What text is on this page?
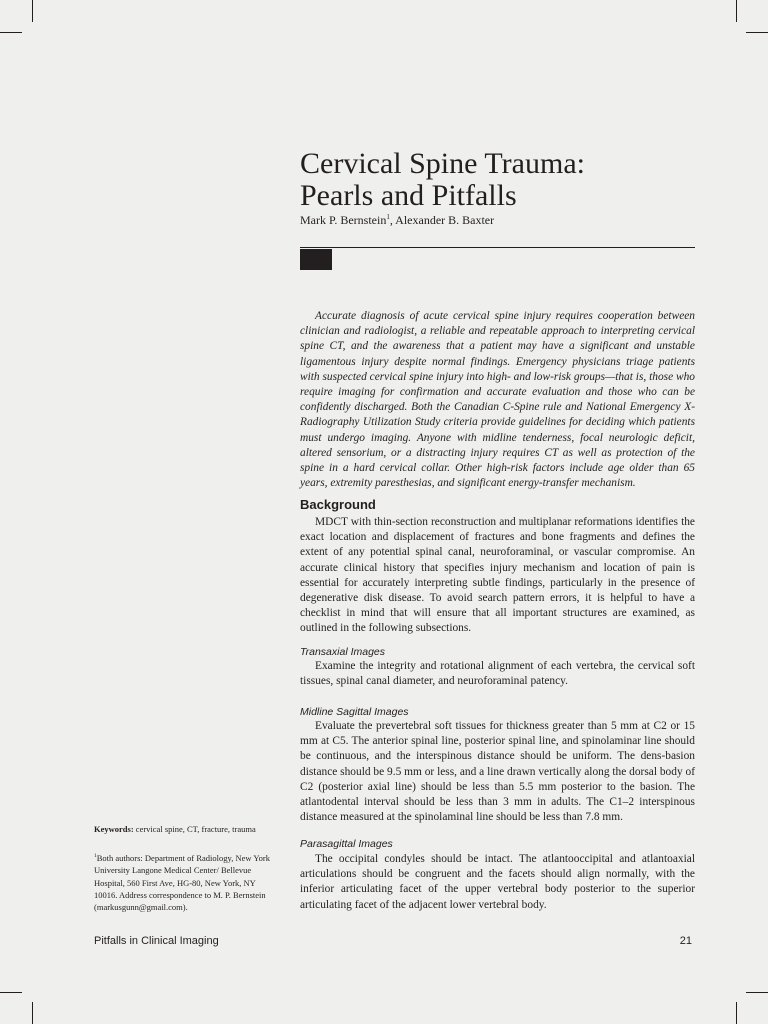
Cervical Spine Trauma:
Pearls and Pitfalls
Mark P. Bernstein$^1$, Alexander B. Baxter

Accurate diagnosis of acute cervical spine injury requires cooperation between clinician and radiologist, a reliable and repeatable approach to interpreting cervical spine CT, and the awareness that a patient may have a significant and unstable ligamentous injury despite normal findings. Emergency physicians triage patients with suspected cervical spine injury into high- and low-risk groups—that is, those who require imaging for confirmation and accurate evaluation and those who can be confidently discharged. Both the Canadian C-Spine rule and National Emergency X-Radiography Utilization Study criteria provide guidelines for deciding which patients must undergo imaging. Anyone with midline tenderness, focal neurologic deficit, altered sensorium, or a distracting injury requires CT as well as protection of the spine in a hard cervical collar. Other high-risk factors include age older than 65 years, extremity paresthesias, and significant energy-transfer mechanism.

Background

MDCT with thin-section reconstruction and multiplanar reformations identifies the exact location and displacement of fractures and bone fragments and defines the extent of any potential spinal canal, neuroforaminal, or vascular compromise. An accurate clinical history that specifies injury mechanism and location of pain is essential for accurately interpreting subtle findings, particularly in the presence of degenerative disk disease. To avoid search pattern errors, it is helpful to have a checklist in mind that will ensure that all important structures are examined, as outlined in the following subsections.

Transaxial Images

Examine the integrity and rotational alignment of each vertebra, the cervical soft tissues, spinal canal diameter, and neuroforaminal patency.

Midline Sagittal Images

Evaluate the prevertebral soft tissues for thickness greater than 5 mm at C2 or 15 mm at C5. The anterior spinal line, posterior spinal line, and spinolaminar line should be continuous, and the interspinous distance should be uniform. The dens-basion distance should be 9.5 mm or less, and a line drawn vertically along the dorsal body of C2 (posterior axial line) should be less than 5.5 mm posterior to the basion. The atlantodental interval should be less than 3 mm in adults. The C1–2 interspinous distance measured at the spinolaminal line should be less than 7.8 mm.

Parasagittal Images

The occipital condyles should be intact. The atlantooccipital and atlantoaxial articulations should be congruent and the facets should align normally, with the inferior articulating facet of the upper vertebral body posterior to the superior articulating facet of the adjacent lower vertebral body.

Keywords: cervical spine, CT, fracture, trauma
$^1$Both authors: Department of Radiology, New York University Langone Medical Center/ Bellevue Hospital, 560 First Ave, HG-80, New York, NY 10016. Address correspondence to M. P. Bernstein (markusgunn@gmail.com).
Pitfalls in Clinical Imaging	21
